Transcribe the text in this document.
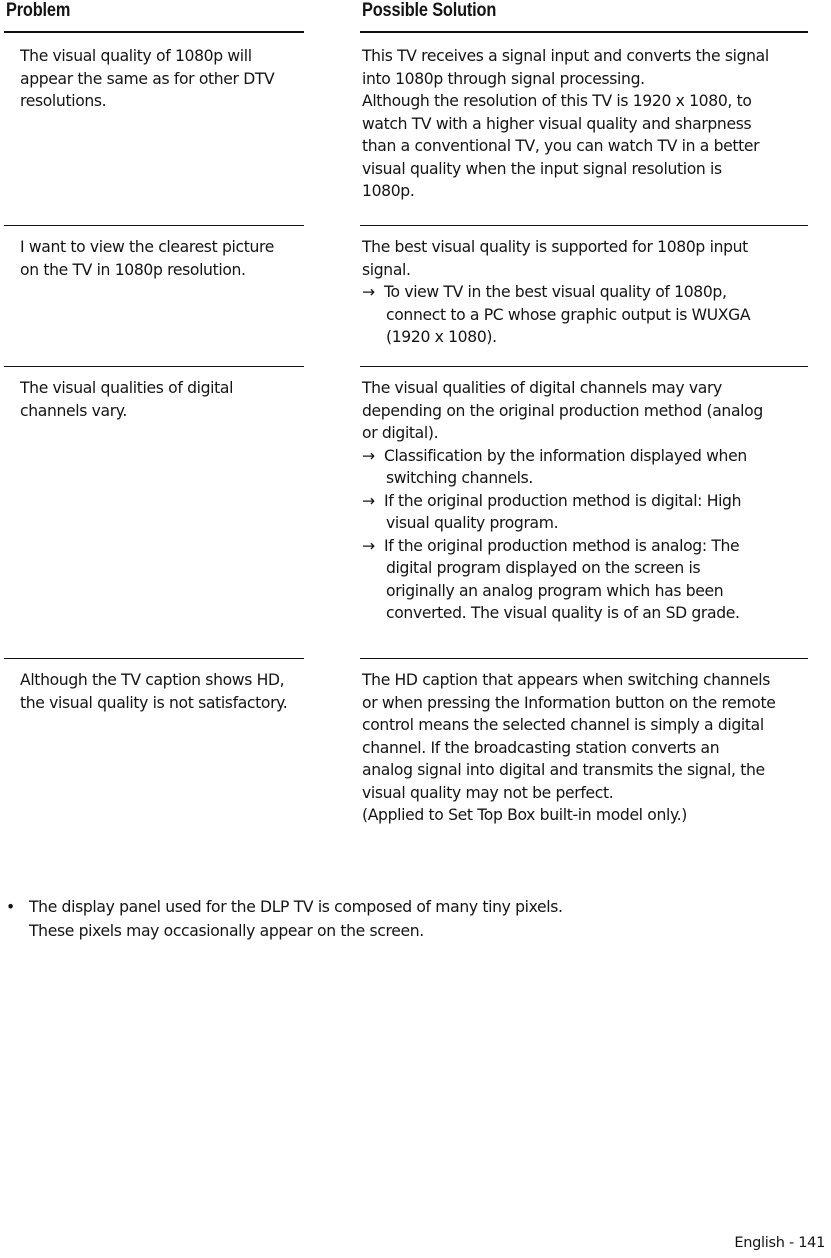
Problem	Possible Solution
The visual quality of 1080p will
appear the same as for other DTV
resolutions.
This TV receives a signal input and converts the signal
into 1080p through signal processing.
Although the resolution of this TV is 1920 x 1080, to
watch TV with a higher visual quality and sharpness
than a conventional TV, you can watch TV in a better
visual quality when the input signal resolution is
1080p.
I want to view the clearest picture
on the TV in 1080p resolution.
The best visual quality is supported for 1080p input
signal.
→ To view TV in the best visual quality of 1080p,
connect to a PC whose graphic output is WUXGA
(1920 x 1080).
The visual qualities of digital
channels vary.
The visual qualities of digital channels may vary
depending on the original production method (analog
or digital).
→ Classification by the information displayed when
switching channels.
→ If the original production method is digital: High
visual quality program.
→ If the original production method is analog: The
digital program displayed on the screen is
originally an analog program which has been
converted. The visual quality is of an SD grade.
Although the TV caption shows HD,
the visual quality is not satisfactory.
The HD caption that appears when switching channels
or when pressing the Information button on the remote
control means the selected channel is simply a digital
channel. If the broadcasting station converts an
analog signal into digital and transmits the signal, the
visual quality may not be perfect.
(Applied to Set Top Box built-in model only.)
• The display panel used for the DLP TV is composed of many tiny pixels.
These pixels may occasionally appear on the screen.
English - 141
